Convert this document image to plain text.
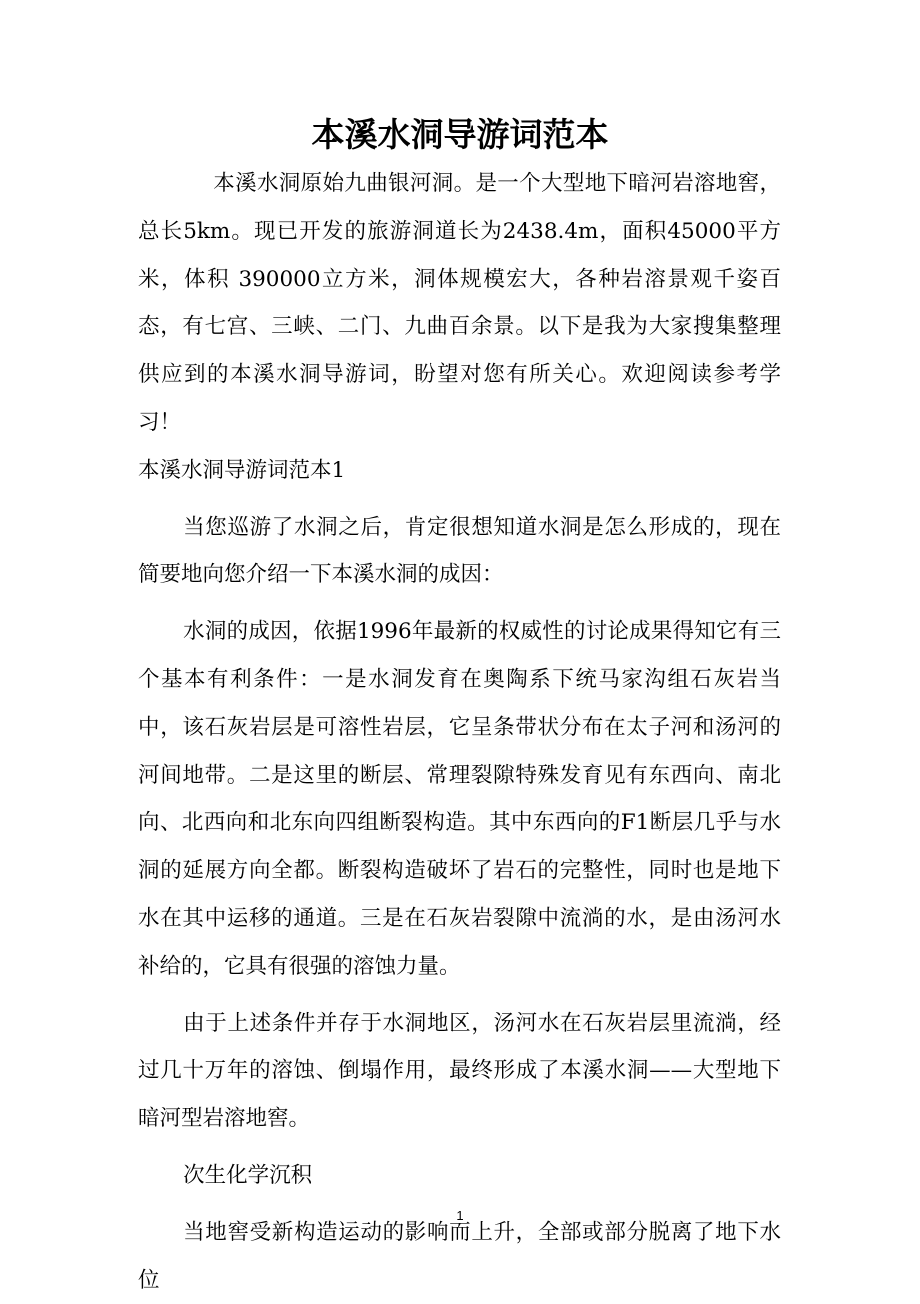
本溪水洞导游词范本

本溪水洞原始九曲银河洞。是一个大型地下暗河岩溶地窖，总长5km。现已开发的旅游洞道长为2438.4m，面积45000平方米，体积 390000立方米，洞体规模宏大，各种岩溶景观千姿百态，有七宫、三峡、二门、九曲百余景。以下是我为大家搜集整理供应到的本溪水洞导游词，盼望对您有所关心。欢迎阅读参考学习！

本溪水洞导游词范本1

当您巡游了水洞之后，肯定很想知道水洞是怎么形成的，现在简要地向您介绍一下本溪水洞的成因：

水洞的成因，依据1996年最新的权威性的讨论成果得知它有三个基本有利条件：一是水洞发育在奥陶系下统马家沟组石灰岩当中，该石灰岩层是可溶性岩层，它呈条带状分布在太子河和汤河的河间地带。二是这里的断层、常理裂隙特殊发育见有东西向、南北向、北西向和北东向四组断裂构造。其中东西向的F1断层几乎与水洞的延展方向全都。断裂构造破坏了岩石的完整性，同时也是地下水在其中运移的通道。三是在石灰岩裂隙中流淌的水，是由汤河水补给的，它具有很强的溶蚀力量。

由于上述条件并存于水洞地区，汤河水在石灰岩层里流淌，经过几十万年的溶蚀、倒塌作用，最终形成了本溪水洞——大型地下暗河型岩溶地窖。

次生化学沉积

当地窖受新构造运动的影响而上升，全部或部分脱离了地下水位

1
